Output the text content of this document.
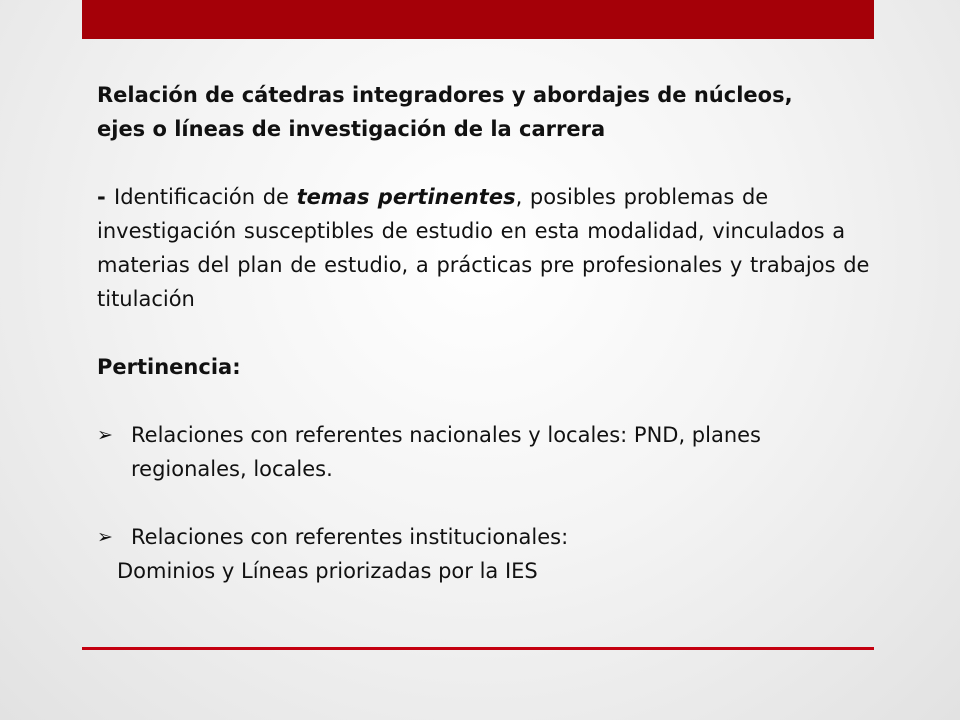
Relación de cátedras integradores y abordajes de núcleos,
ejes o líneas de investigación de la carrera

- Identificación de temas pertinentes, posibles problemas de investigación susceptibles de estudio en esta modalidad, vinculados a materias del plan de estudio, a prácticas pre profesionales y trabajos de titulación

Pertinencia:

➢ Relaciones con referentes nacionales y locales: PND, planes regionales, locales.
➢ Relaciones con referentes institucionales:
Dominios y Líneas priorizadas por la IES
